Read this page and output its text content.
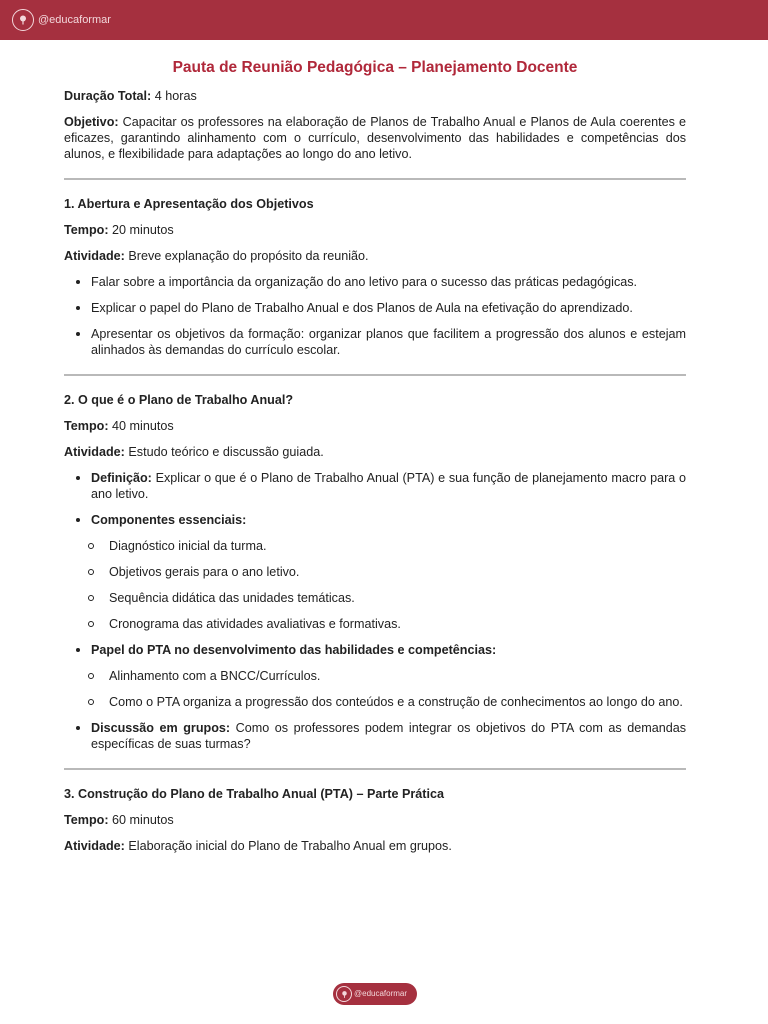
@educaformar
Pauta de Reunião Pedagógica – Planejamento Docente

Duração Total: 4 horas

Objetivo: Capacitar os professores na elaboração de Planos de Trabalho Anual e Planos de Aula coerentes e eficazes, garantindo alinhamento com o currículo, desenvolvimento das habilidades e competências dos alunos, e flexibilidade para adaptações ao longo do ano letivo.

1. Abertura e Apresentação dos Objetivos

Tempo: 20 minutos

Atividade: Breve explanação do propósito da reunião.

Falar sobre a importância da organização do ano letivo para o sucesso das práticas pedagógicas.
Explicar o papel do Plano de Trabalho Anual e dos Planos de Aula na efetivação do aprendizado.
Apresentar os objetivos da formação: organizar planos que facilitem a progressão dos alunos e estejam alinhados às demandas do currículo escolar.
2. O que é o Plano de Trabalho Anual?

Tempo: 40 minutos

Atividade: Estudo teórico e discussão guiada.

Definição: Explicar o que é o Plano de Trabalho Anual (PTA) e sua função de planejamento macro para o ano letivo.
Componentes essenciais:
Diagnóstico inicial da turma.
Objetivos gerais para o ano letivo.
Sequência didática das unidades temáticas.
Cronograma das atividades avaliativas e formativas.
Papel do PTA no desenvolvimento das habilidades e competências:
Alinhamento com a BNCC/Currículos.
Como o PTA organiza a progressão dos conteúdos e a construção de conhecimentos ao longo do ano.
Discussão em grupos: Como os professores podem integrar os objetivos do PTA com as demandas específicas de suas turmas?
3. Construção do Plano de Trabalho Anual (PTA) – Parte Prática

Tempo: 60 minutos

Atividade: Elaboração inicial do Plano de Trabalho Anual em grupos.

@educaformar
